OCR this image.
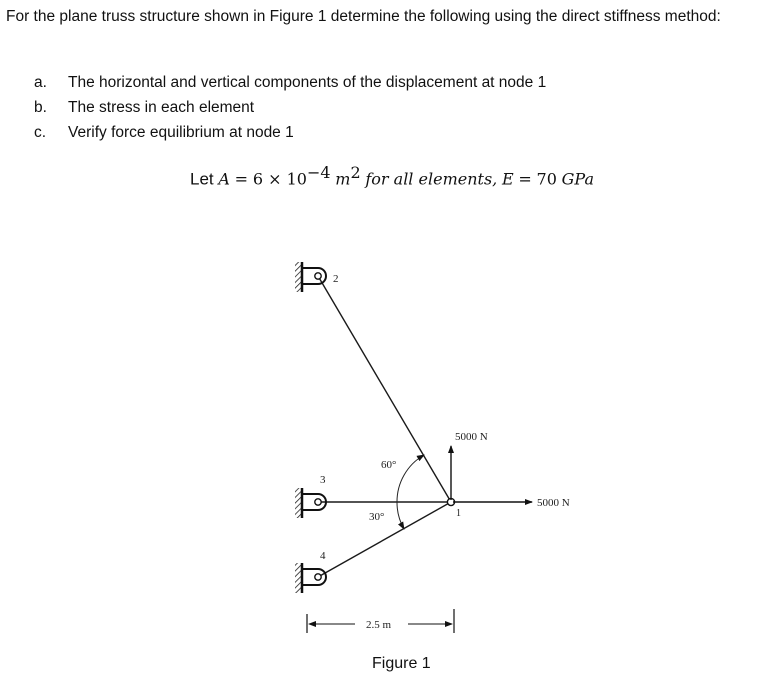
For the plane truss structure shown in Figure 1 determine the following using the direct stiffness method:

a.	The horizontal and vertical components of the displacement at node 1
b.	The stress in each element
c.	Verify force equilibrium at node 1
Let $A = 6 \times 10^{-4}$ $m^2$ for all elements, E = 70 GPa
2
3
4
1
60°
30°
5000 N
5000 N
2.5 m
Figure 1
